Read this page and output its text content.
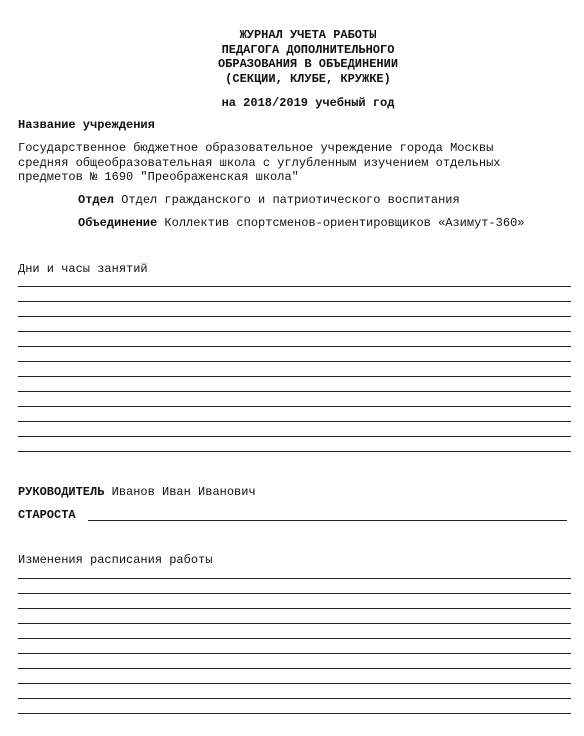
ЖУРНАЛ УЧЕТА РАБОТЫ
ПЕДАГОГА ДОПОЛНИТЕЛЬНОГО
ОБРАЗОВАНИЯ В ОБЪЕДИНЕНИИ
(СЕКЦИИ, КЛУБЕ, КРУЖКЕ)
на 2018/2019 учебный год
Название учреждения
Государственное бюджетное образовательное учреждение города Москвы
средняя общеобразовательная школа с углубленным изучением отдельных
предметов № 1690 "Преображенская школа"
Отдел Отдел гражданского и патриотического воспитания
Объединение Коллектив спортсменов-ориентировщиков «Азимут-360»
Дни и часы занятий
РУКОВОДИТЕЛЬ Иванов Иван Иванович
СТАРОСТА
Изменения расписания работы
